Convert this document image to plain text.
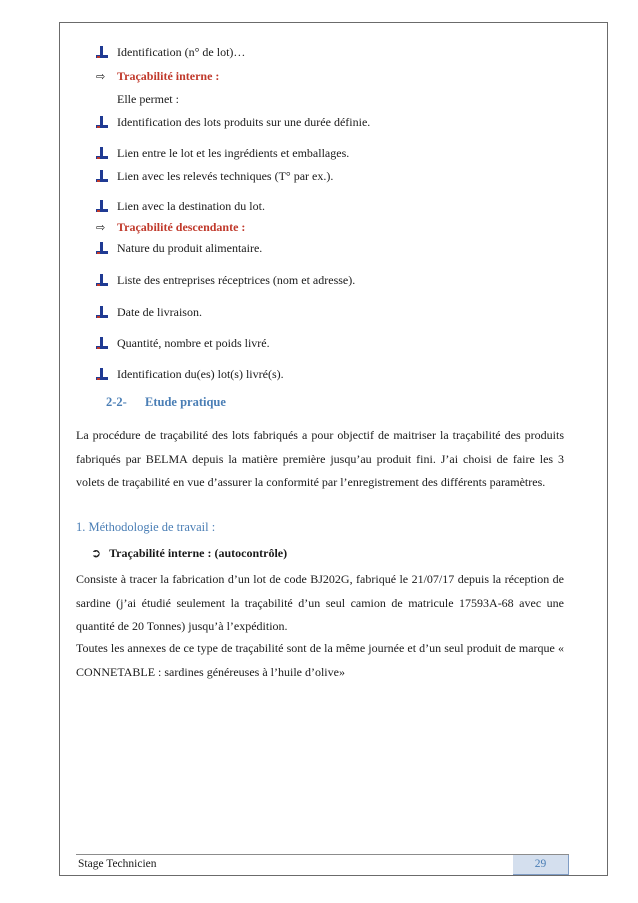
Identification (n° de lot)…
⇨ Traçabilité interne :
Elle permet :
Identification des lots produits sur une durée définie.
Lien entre le lot et les ingrédients et emballages.
Lien avec les relevés techniques (T° par ex.).
Lien avec la destination du lot.
⇨ Traçabilité descendante :
Nature du produit alimentaire.
Liste des entreprises réceptrices (nom et adresse).
Date de livraison.
Quantité, nombre et poids livré.
Identification du(es) lot(s) livré(s).
2-2- Etude pratique
La procédure de traçabilité des lots fabriqués a pour objectif de maitriser la traçabilité des produits fabriqués par BELMA depuis la matière première jusqu’au produit fini. J’ai choisi de faire les 3 volets de traçabilité en vue d’assurer la conformité par l’enregistrement des différents paramètres.
1. Méthodologie de travail :
➲ Traçabilité interne : (autocontrôle)
Consiste à tracer la fabrication d’un lot de code BJ202G, fabriqué le 21/07/17 depuis la réception de sardine (j’ai étudié seulement la traçabilité d’un seul camion de matricule 17593A-68 avec une quantité de 20 Tonnes) jusqu’à l’expédition.
Toutes les annexes de ce type de traçabilité sont de la même journée et d’un seul produit de marque « CONNETABLE : sardines généreuses à l’huile d’olive»
Stage Technicien	29
